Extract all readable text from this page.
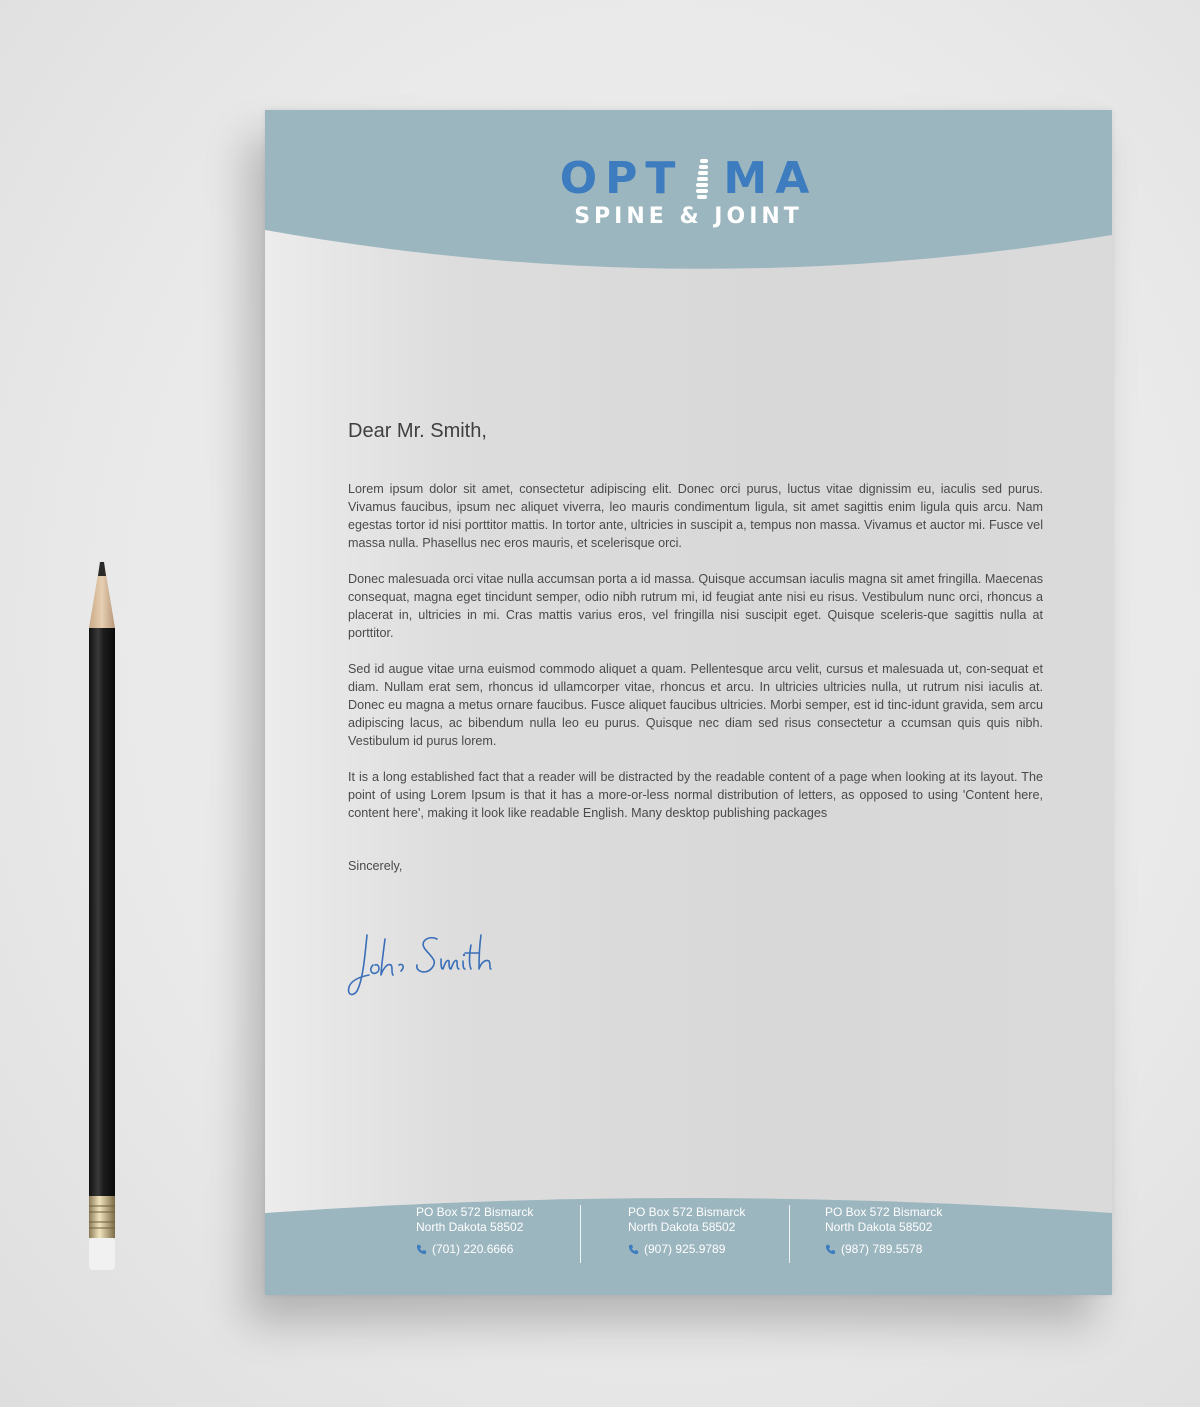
OPT MA
SPINE & JOINT
Dear Mr. Smith,

Lorem ipsum dolor sit amet, consectetur adipiscing elit. Donec orci purus, luctus vitae dignissim eu, iaculis sed purus. Vivamus faucibus, ipsum nec aliquet viverra, leo mauris condimentum ligula, sit amet sagittis enim ligula quis arcu. Nam egestas tortor id nisi porttitor mattis. In tortor ante, ultricies in suscipit a, tempus non massa. Vivamus et auctor mi. Fusce vel massa nulla. Phasellus nec eros mauris, et scelerisque orci.

Donec malesuada orci vitae nulla accumsan porta a id massa. Quisque accumsan iaculis magna sit amet fringilla. Maecenas consequat, magna eget tincidunt semper, odio nibh rutrum mi, id feugiat ante nisi eu risus. Vestibulum nunc orci, rhoncus a placerat in, ultricies in mi. Cras mattis varius eros, vel fringilla nisi suscipit eget. Quisque sceleris-que sagittis nulla at porttitor.

Sed id augue vitae urna euismod commodo aliquet a quam. Pellentesque arcu velit, cursus et malesuada ut, con-sequat et diam. Nullam erat sem, rhoncus id ullamcorper vitae, rhoncus et arcu. In ultricies ultricies nulla, ut rutrum nisi iaculis at. Donec eu magna a metus ornare faucibus. Fusce aliquet faucibus ultricies. Morbi semper, est id tinc-idunt gravida, sem arcu adipiscing lacus, ac bibendum nulla leo eu purus. Quisque nec diam sed risus consectetur a ccumsan quis quis nibh. Vestibulum id purus lorem.

It is a long established fact that a reader will be distracted by the readable content of a page when looking at its layout. The point of using Lorem Ipsum is that it has a more-or-less normal distribution of letters, as opposed to using 'Content here, content here', making it look like readable English. Many desktop publishing packages

Sincerely,
PO Box 572 Bismarck
North Dakota 58502
(701) 220.6666
PO Box 572 Bismarck
North Dakota 58502
(907) 925.9789
PO Box 572 Bismarck
North Dakota 58502
(987) 789.5578
